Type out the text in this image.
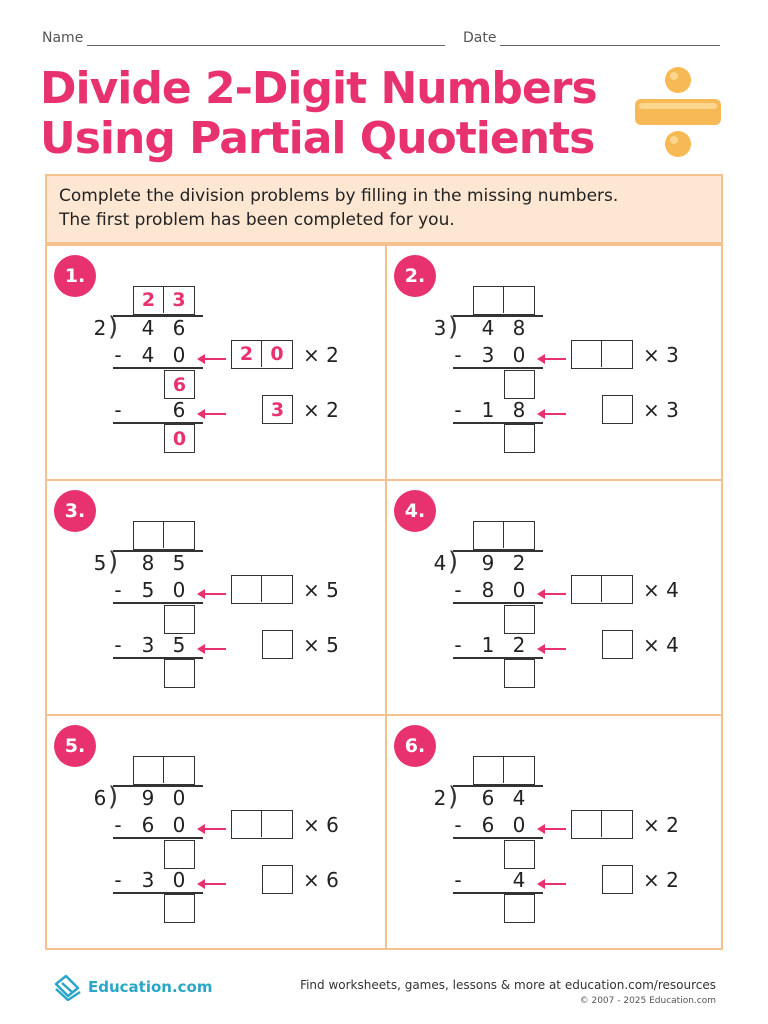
Name	Date
Divide 2-Digit Numbers
Using Partial Quotients
Complete the division problems by filling in the missing numbers.
The first problem has been completed for you.
1.
2 3
)
2	4 6
-	4 0	2 0 × 2
6
-	6	3 × 2
0
2.
)
3	4 8
-	3 0	× 3
-	1 8	× 3
3.
)
5	8 5
-	5 0	× 5
-	3 5	× 5
4.
)
4	9 2
-	8 0	× 4
-	1 2	× 4
5.
)
6	9 0
-	6 0	× 6
-	3 0	× 6
6.
)
2	6 4
-	6 0	× 2
-	4	× 2
Education.com	Find worksheets, games, lessons & more at education.com/resources
© 2007 - 2025 Education.com
